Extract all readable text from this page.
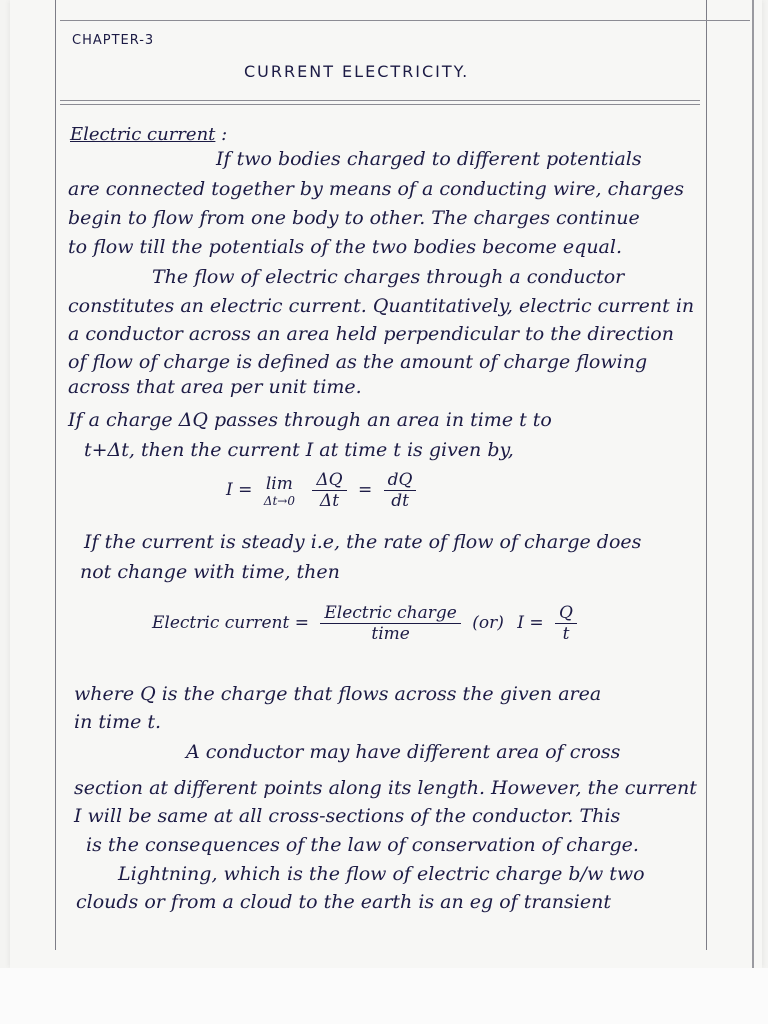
CHAPTER-3
CURRENT ELECTRICITY.
Electric current :
If two bodies charged to different potentials
are connected together by means of a conducting wire, charges
begin to flow from one body to other. The charges continue
to flow till the potentials of the two bodies become equal.
The flow of electric charges through a conductor
constitutes an electric current. Quantitatively, electric current in
a conductor across an area held perpendicular to the direction
of flow of charge is defined as the amount of charge flowing
across that area per unit time.
If a charge ΔQ passes through an area in time t to
t+Δt, then the current I at time t is given by,
I = lim
Δt→0
$\frac{\Delta Q}{\Delta t} = \frac{dQ}{dt}$
If the current is steady i.e, the rate of flow of charge does
not change with time, then
Electric current = $\frac{\text{Electric charge}}{\text{time}} (or) I = \frac{Q}{t}$
where Q is the charge that flows across the given area
in time t.
A conductor may have different area of cross
section at different points along its length. However, the current
I will be same at all cross-sections of the conductor. This
is the consequences of the law of conservation of charge.
Lightning, which is the flow of electric charge b/w two
clouds or from a cloud to the earth is an eg of transient
